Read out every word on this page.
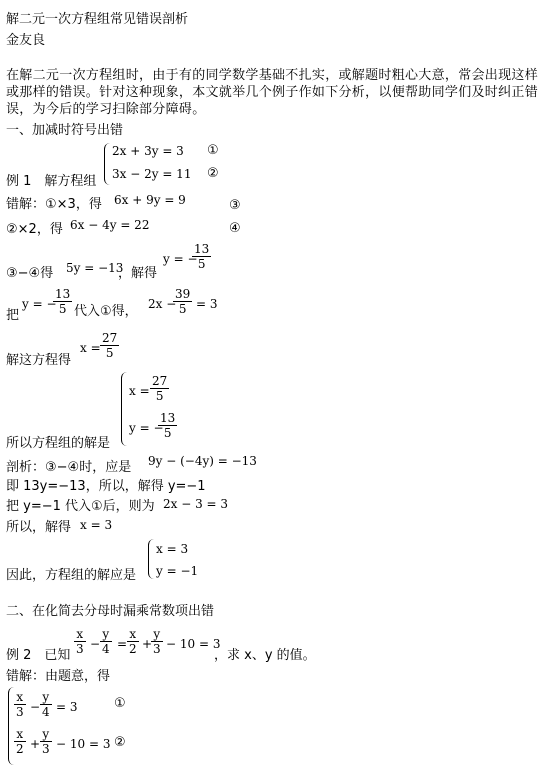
解二元一次方程组常见错误剖析
金友良
在解二元一次方程组时，由于有的同学数学基础不扎实，或解题时粗心大意，常会出现这样或那样的错误。针对这种现象，本文就举几个例子作如下分析，以便帮助同学们及时纠正错误，为今后的学习扫除部分障碍。
一、加减时符号出错
2x + 3y = 3
3x − 2y = 11
①
②
例 1　解方程组
错解：①×3，得 6x + 9y = 9	③
②×2，得 6x − 4y = 22	④
③−④得 5y = −13
，解得
y = −
$\frac{13}{5}$
把
y = −
$\frac{13}{5}$ 代入①得， 2x −
$\frac{39}{5} = 3$
解这方程得
$x = \frac{27}{5}$
$x = \frac{27}{5}$
y = −
$\frac{13}{5}$
所以方程组的解是
剖析：③−④时，应是 9y − (−4y) = −13
即 13y=−13，所以，解得 y=−1
把 y=−1 代入①后，则为 2x − 3 = 3
所以，解得 x = 3
x = 3
y = −1
因此，方程组的解应是
二、在化简去分母时漏乘常数项出错
例 2　已知 $\frac{x}{3} - \frac{y}{4} = \frac{x}{2}$ +
$\frac{y}{3} - 10 = 3$
，求 x、y 的值。
错解：由题意，得
$\frac{x}{3} - \frac{y}{4} = 3$	①
$\frac{x}{2} + \frac{y}{3} - 10 = 3$ ②
